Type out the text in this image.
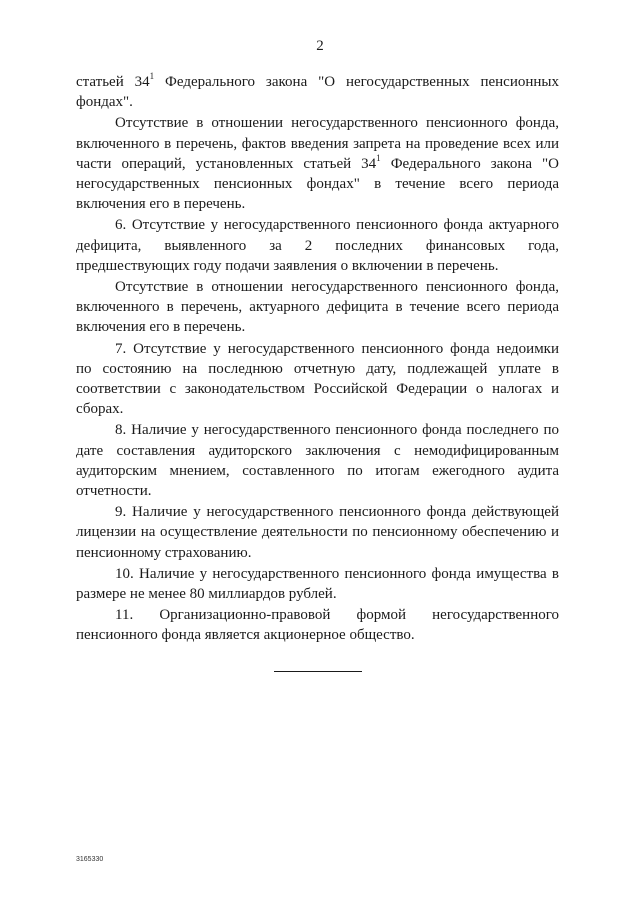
2

статьей $34^1$ Федерального закона "О негосударственных пенсионных фондах".

Отсутствие в отношении негосударственного пенсионного фонда, включенного в перечень, фактов введения запрета на проведение всех или части операций, установленных статьей $34^1$ Федерального закона "О негосударственных пенсионных фондах" в течение всего периода включения его в перечень.

6. Отсутствие у негосударственного пенсионного фонда актуарного дефицита, выявленного за 2 последних финансовых года, предшествующих году подачи заявления о включении в перечень.

Отсутствие в отношении негосударственного пенсионного фонда, включенного в перечень, актуарного дефицита в течение всего периода включения его в перечень.

7. Отсутствие у негосударственного пенсионного фонда недоимки по состоянию на последнюю отчетную дату, подлежащей уплате в соответствии с законодательством Российской Федерации о налогах и сборах.

8. Наличие у негосударственного пенсионного фонда последнего по дате составления аудиторского заключения с немодифицированным аудиторским мнением, составленного по итогам ежегодного аудита отчетности.

9. Наличие у негосударственного пенсионного фонда действующей лицензии на осуществление деятельности по пенсионному обеспечению и пенсионному страхованию.

10. Наличие у негосударственного пенсионного фонда имущества в размере не менее 80 миллиардов рублей.

11. Организационно-правовой формой негосударственного пенсионного фонда является акционерное общество.

3165330
